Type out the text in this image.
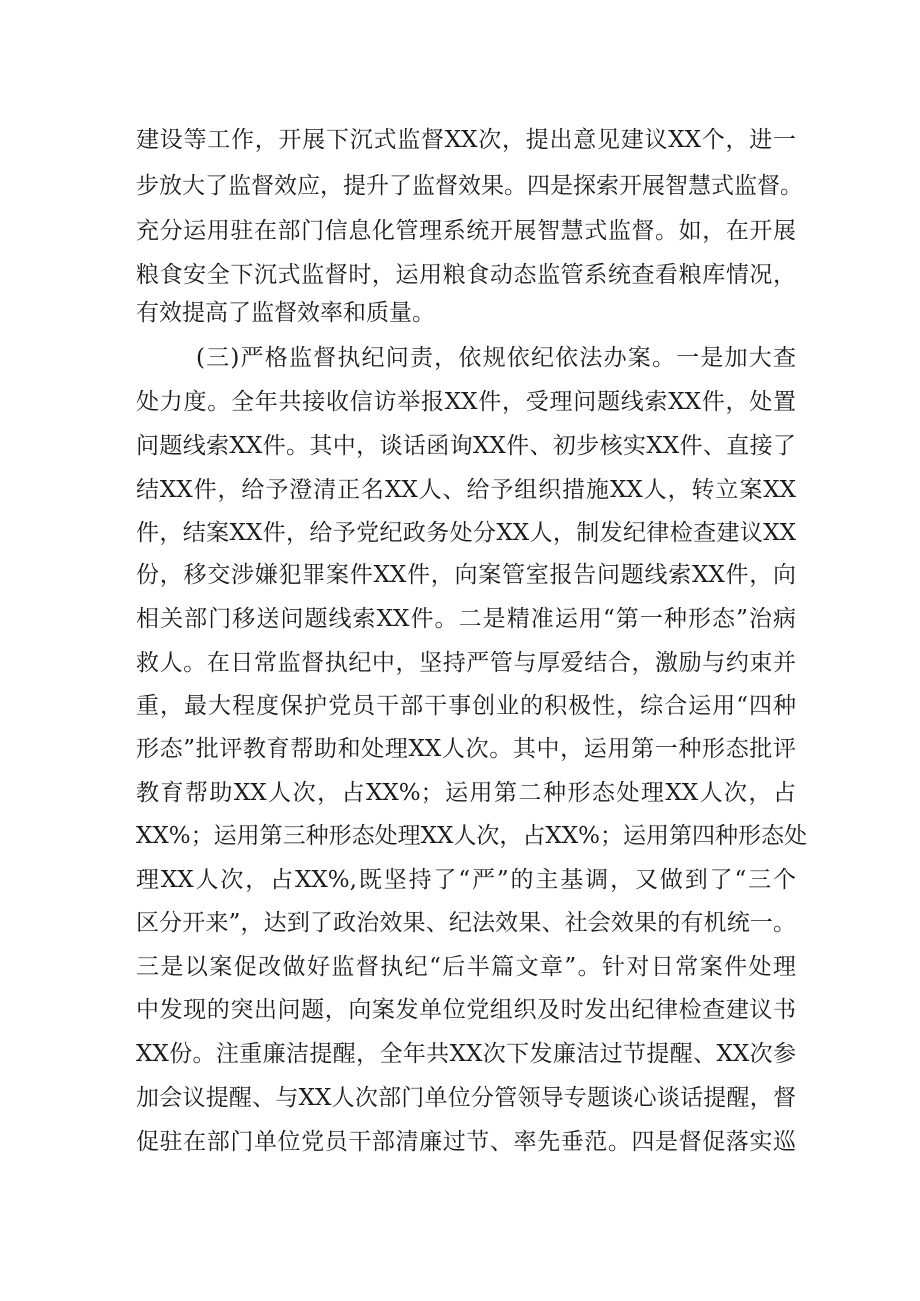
建设等工作，开展下沉式监督XX次，提出意见建议XX个，进一
步放大了监督效应，提升了监督效果。四是探索开展智慧式监督。
充分运用驻在部门信息化管理系统开展智慧式监督。如，在开展
粮食安全下沉式监督时，运用粮食动态监管系统查看粮库情况，
有效提高了监督效率和质量。
(三)严格监督执纪问责，依规依纪依法办案。一是加大查
处力度。全年共接收信访举报XX件，受理问题线索XX件，处置
问题线索XX件。其中，谈话函询XX件、初步核实XX件、直接了
结XX件，给予澄清正名XX人、给予组织措施XX人，转立案XX
件，结案XX件，给予党纪政务处分XX人，制发纪律检查建议XX
份，移交涉嫌犯罪案件XX件，向案管室报告问题线索XX件，向
相关部门移送问题线索XX件。二是精准运用“第一种形态”治病
救人。在日常监督执纪中，坚持严管与厚爱结合，激励与约束并
重，最大程度保护党员干部干事创业的积极性，综合运用“四种
形态”批评教育帮助和处理XX人次。其中，运用第一种形态批评
教育帮助XX人次，占XX%；运用第二种形态处理XX人次，占
XX%；运用第三种形态处理XX人次，占XX%；运用第四种形态处
理XX人次，占XX%,既坚持了“严”的主基调，又做到了“三个
区分开来”，达到了政治效果、纪法效果、社会效果的有机统一。
三是以案促改做好监督执纪“后半篇文章”。针对日常案件处理
中发现的突出问题，向案发单位党组织及时发出纪律检查建议书
XX份。注重廉洁提醒，全年共XX次下发廉洁过节提醒、XX次参
加会议提醒、与XX人次部门单位分管领导专题谈心谈话提醒，督
促驻在部门单位党员干部清廉过节、率先垂范。四是督促落实巡
